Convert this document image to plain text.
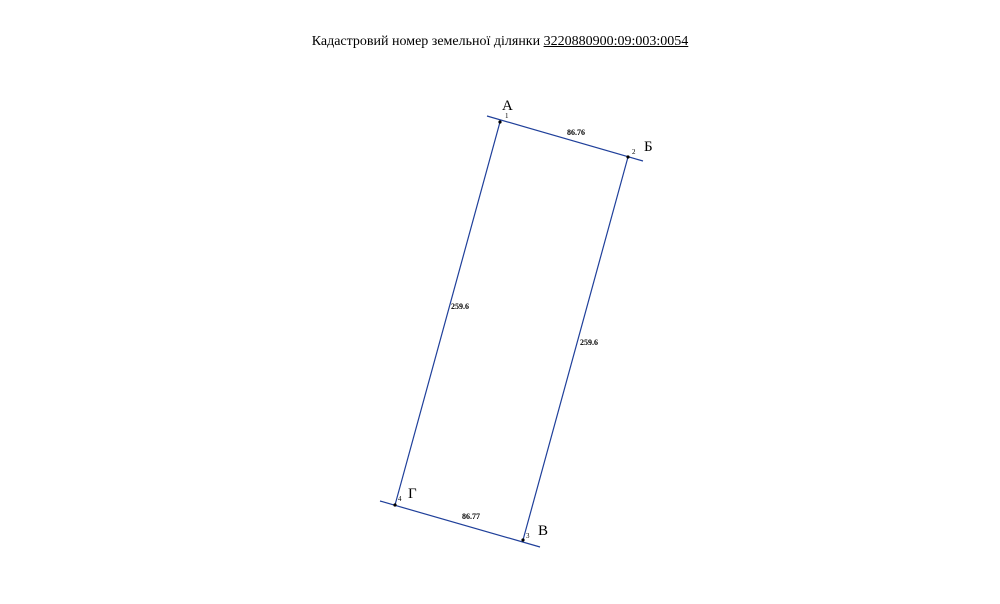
Кадастровий номер земельної ділянки 3220880900:09:003:0054
А
Б
В
Г
1
2
3
4
86.76
259.6
86.77
259.6
